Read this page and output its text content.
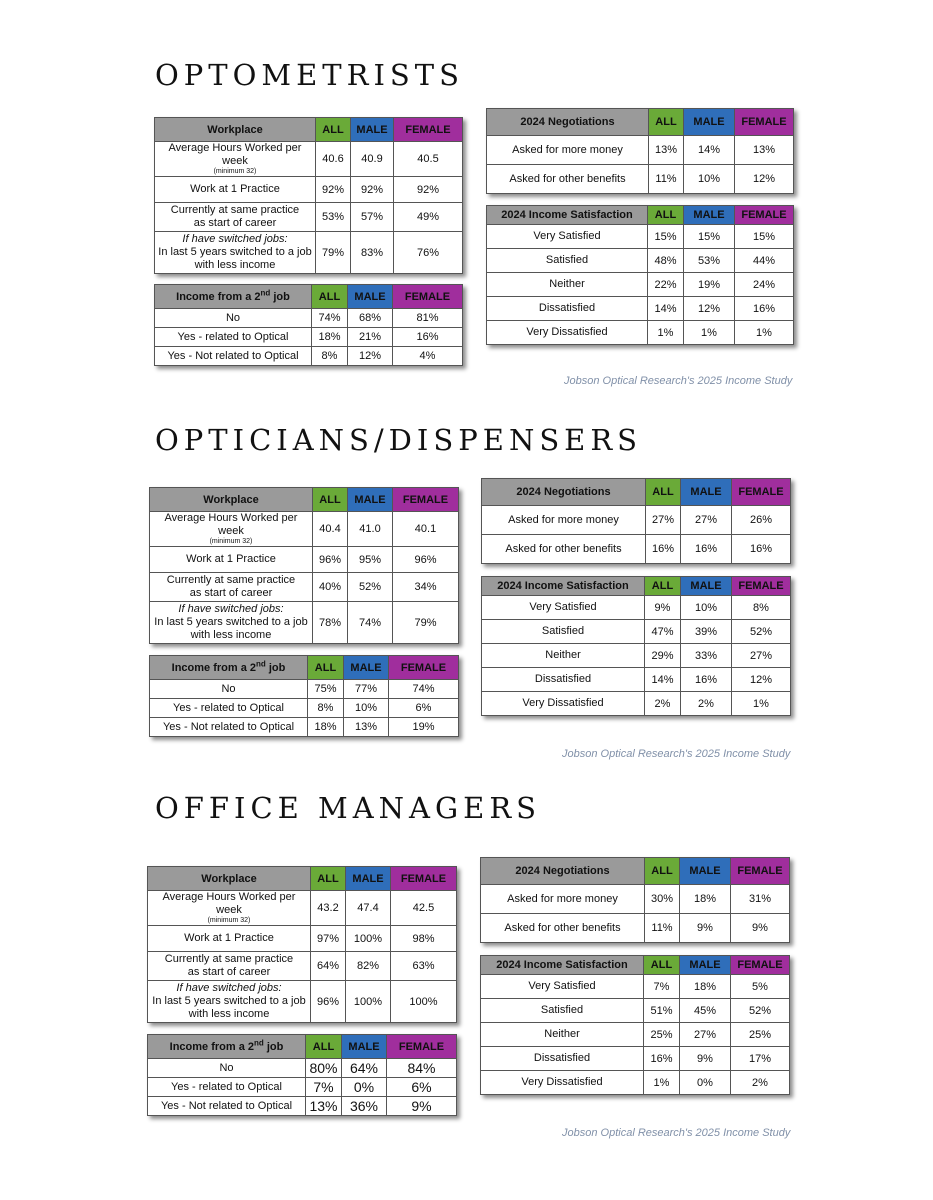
OPTOMETRISTS
Workplace	ALL	MALE	FEMALE
Average Hours Worked per week
(minimum 32)	40.6	40.9	40.5
Work at 1 Practice	92%	92%	92%
Currently at same practice
as start of career	53%	57%	49%
If have switched jobs:
In last 5 years switched to a job
with less income	79%	83%	76%
Income from a 2nd job	ALL	MALE	FEMALE
No	74%	68%	81%
Yes - related to Optical	18%	21%	16%
Yes - Not related to Optical	8%	12%	4%
2024 Negotiations	ALL	MALE	FEMALE
Asked for more money	13%	14%	13%
Asked for other benefits	11%	10%	12%
2024 Income Satisfaction	ALL	MALE	FEMALE
Very Satisfied	15%	15%	15%
Satisfied	48%	53%	44%
Neither	22%	19%	24%
Dissatisfied	14%	12%	16%
Very Dissatisfied	1%	1%	1%
Jobson Optical Research's 2025 Income Study
OPTICIANS/DISPENSERS
Workplace	ALL	MALE	FEMALE
Average Hours Worked per week
(minimum 32)	40.4	41.0	40.1
Work at 1 Practice	96%	95%	96%
Currently at same practice
as start of career	40%	52%	34%
If have switched jobs:
In last 5 years switched to a job
with less income	78%	74%	79%
Income from a 2nd job	ALL	MALE	FEMALE
No	75%	77%	74%
Yes - related to Optical	8%	10%	6%
Yes - Not related to Optical	18%	13%	19%
2024 Negotiations	ALL	MALE	FEMALE
Asked for more money	27%	27%	26%
Asked for other benefits	16%	16%	16%
2024 Income Satisfaction	ALL	MALE	FEMALE
Very Satisfied	9%	10%	8%
Satisfied	47%	39%	52%
Neither	29%	33%	27%
Dissatisfied	14%	16%	12%
Very Dissatisfied	2%	2%	1%
Jobson Optical Research's 2025 Income Study
OFFICE MANAGERS
Workplace	ALL	MALE	FEMALE
Average Hours Worked per week
(minimum 32)	43.2	47.4	42.5
Work at 1 Practice	97%	100%	98%
Currently at same practice
as start of career	64%	82%	63%
If have switched jobs:
In last 5 years switched to a job
with less income	96%	100%	100%
Income from a 2nd job	ALL	MALE	FEMALE
No	80%	64%	84%
Yes - related to Optical	7%	0%	6%
Yes - Not related to Optical	13%	36%	9%
2024 Negotiations	ALL	MALE	FEMALE
Asked for more money	30%	18%	31%
Asked for other benefits	11%	9%	9%
2024 Income Satisfaction	ALL	MALE	FEMALE
Very Satisfied	7%	18%	5%
Satisfied	51%	45%	52%
Neither	25%	27%	25%
Dissatisfied	16%	9%	17%
Very Dissatisfied	1%	0%	2%
Jobson Optical Research's 2025 Income Study
